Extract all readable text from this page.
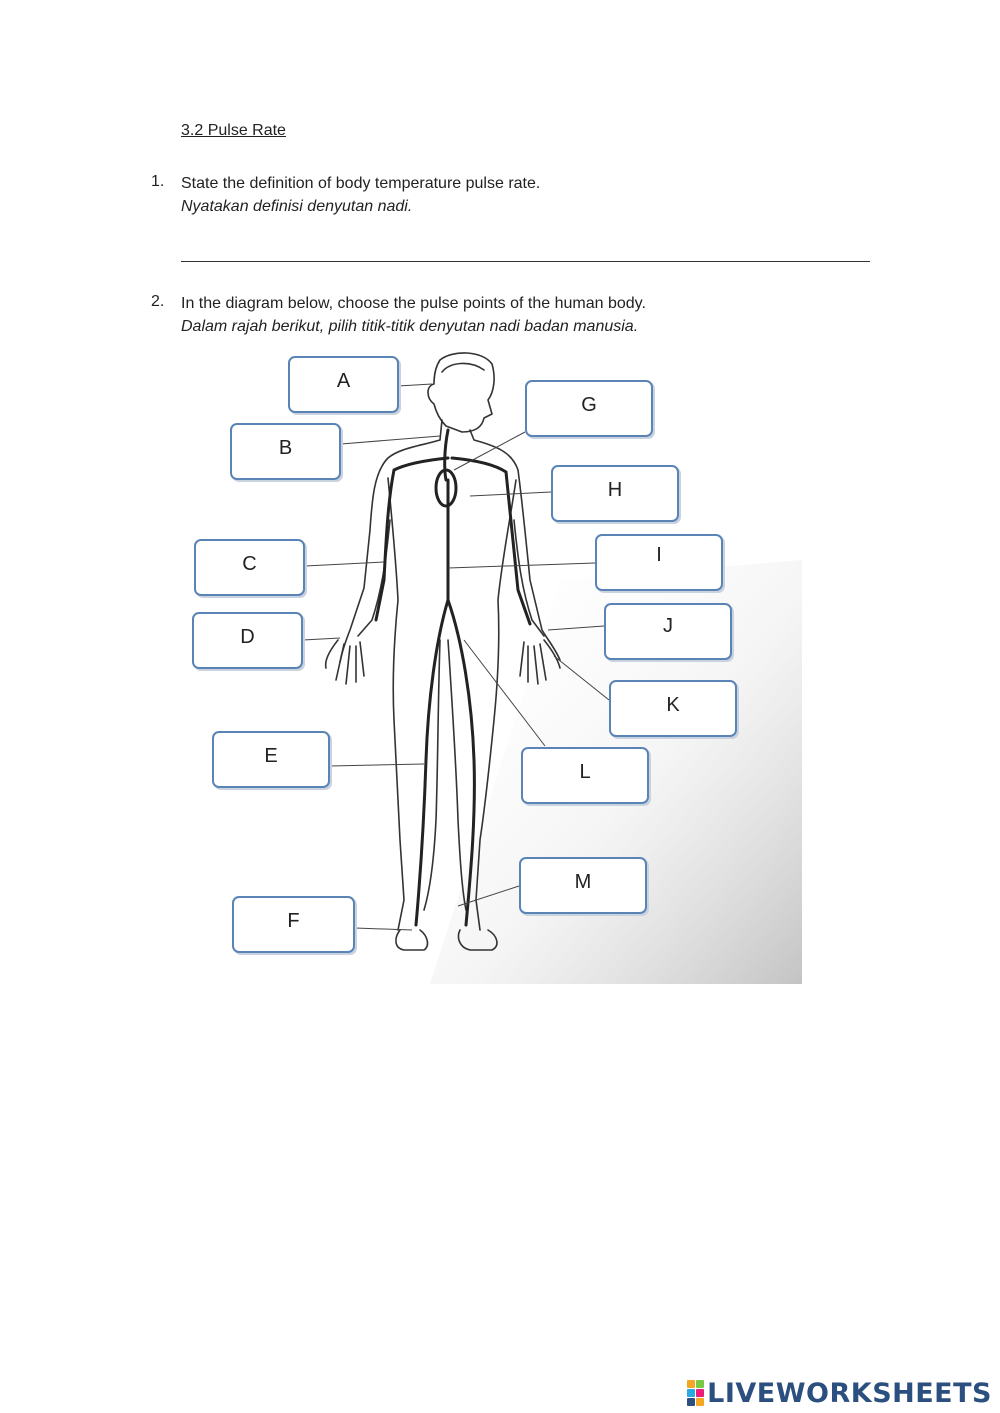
3.2 Pulse Rate
1. State the definition of body temperature pulse rate.
Nyatakan definisi denyutan nadi.
2. In the diagram below, choose the pulse points of the human body.
Dalam rajah berikut, pilih titik-titik denyutan nadi badan manusia.
A
B
C
D
E
F
G
H
I
J
K
L
M
LIVEWORKSHEETS
